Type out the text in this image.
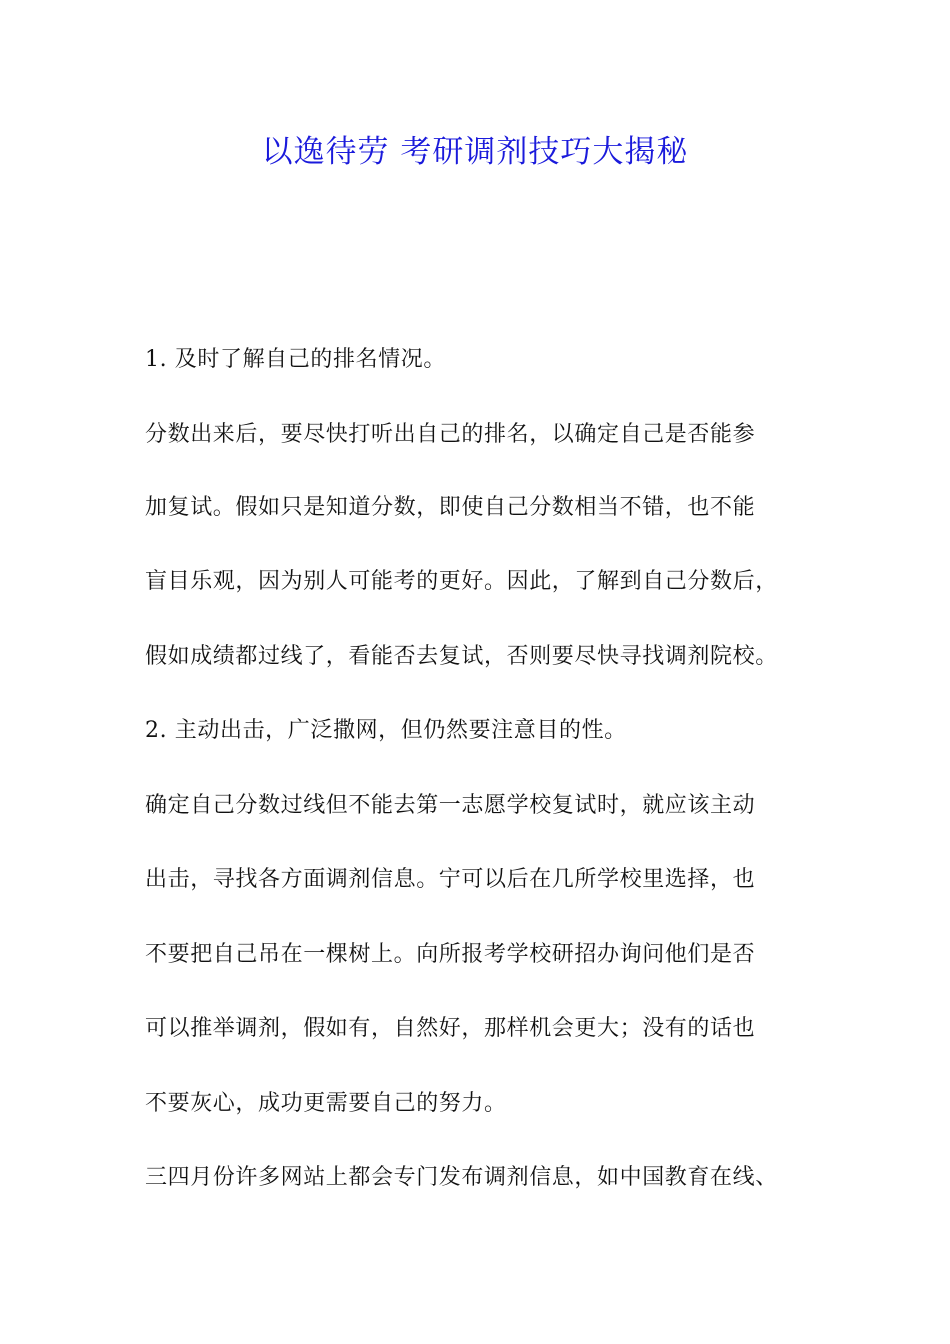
以逸待劳 考研调剂技巧大揭秘
1. 及时了解自己的排名情况。
分数出来后，要尽快打听出自己的排名，以确定自己是否能参
加复试。假如只是知道分数，即使自己分数相当不错，也不能
盲目乐观，因为别人可能考的更好。因此，了解到自己分数后，
假如成绩都过线了，看能否去复试，否则要尽快寻找调剂院校。
2. 主动出击，广泛撒网，但仍然要注意目的性。
确定自己分数过线但不能去第一志愿学校复试时，就应该主动
出击，寻找各方面调剂信息。宁可以后在几所学校里选择，也
不要把自己吊在一棵树上。向所报考学校研招办询问他们是否
可以推举调剂，假如有，自然好，那样机会更大；没有的话也
不要灰心，成功更需要自己的努力。
三四月份许多网站上都会专门发布调剂信息，如中国教育在线、
